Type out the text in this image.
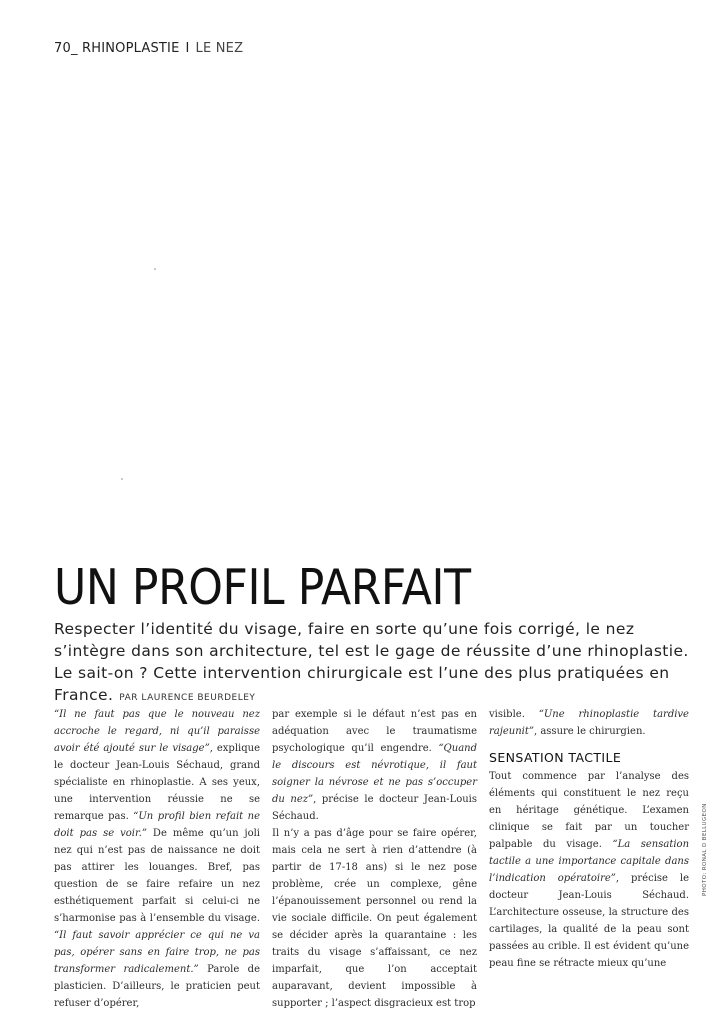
70_ RHINOPLASTIE I LE NEZ
UN PROFIL PARFAIT

Respecter l’identité du visage, faire en sorte qu’une fois corrigé, le nez s’intègre dans son architecture, tel est le gage de réussite d’une rhinoplastie. Le sait-on ? Cette intervention chirurgicale est l’une des plus pratiquées en France. PAR LAURENCE BEURDELEY

“Il ne faut pas que le nouveau nez accroche le regard, ni qu’il paraisse avoir été ajouté sur le visage”, explique le docteur Jean-Louis Séchaud, grand spécialiste en rhinoplastie. A ses yeux, une intervention réussie ne se remarque pas. “Un profil bien refait ne doit pas se voir.” De même qu’un joli nez qui n’est pas de naissance ne doit pas attirer les louanges. Bref, pas question de se faire refaire un nez esthétiquement parfait si celui-ci ne s’harmonise pas à l’ensemble du visage. “Il faut savoir apprécier ce qui ne va pas, opérer sans en faire trop, ne pas transformer radicalement.” Parole de plasticien. D’ailleurs, le praticien peut refuser d’opérer,

par exemple si le défaut n’est pas en adéquation avec le traumatisme psychologique qu’il engendre. “Quand le discours est névrotique, il faut soigner la névrose et ne pas s’occuper du nez”, précise le docteur Jean-Louis Séchaud.

Il n’y a pas d’âge pour se faire opérer, mais cela ne sert à rien d’attendre (à partir de 17-18 ans) si le nez pose problème, crée un complexe, gêne l’épanouissement personnel ou rend la vie sociale difficile. On peut également se décider après la quarantaine : les traits du visage s’affaissant, ce nez imparfait, que l’on acceptait auparavant, devient impossible à supporter ; l’aspect disgracieux est trop

visible. “Une rhinoplastie tardive rajeunit”, assure le chirurgien.

SENSATION TACTILE

Tout commence par l’analyse des éléments qui constituent le nez reçu en héritage génétique. L’examen clinique se fait par un toucher palpable du visage. “La sensation tactile a une importance capitale dans l’indication opératoire”, précise le docteur Jean-Louis Séchaud. L’architecture osseuse, la structure des cartilages, la qualité de la peau sont passées au crible. Il est évident qu’une peau fine se rétracte mieux qu’une

PHOTO: RONAL D BELLUGEON
